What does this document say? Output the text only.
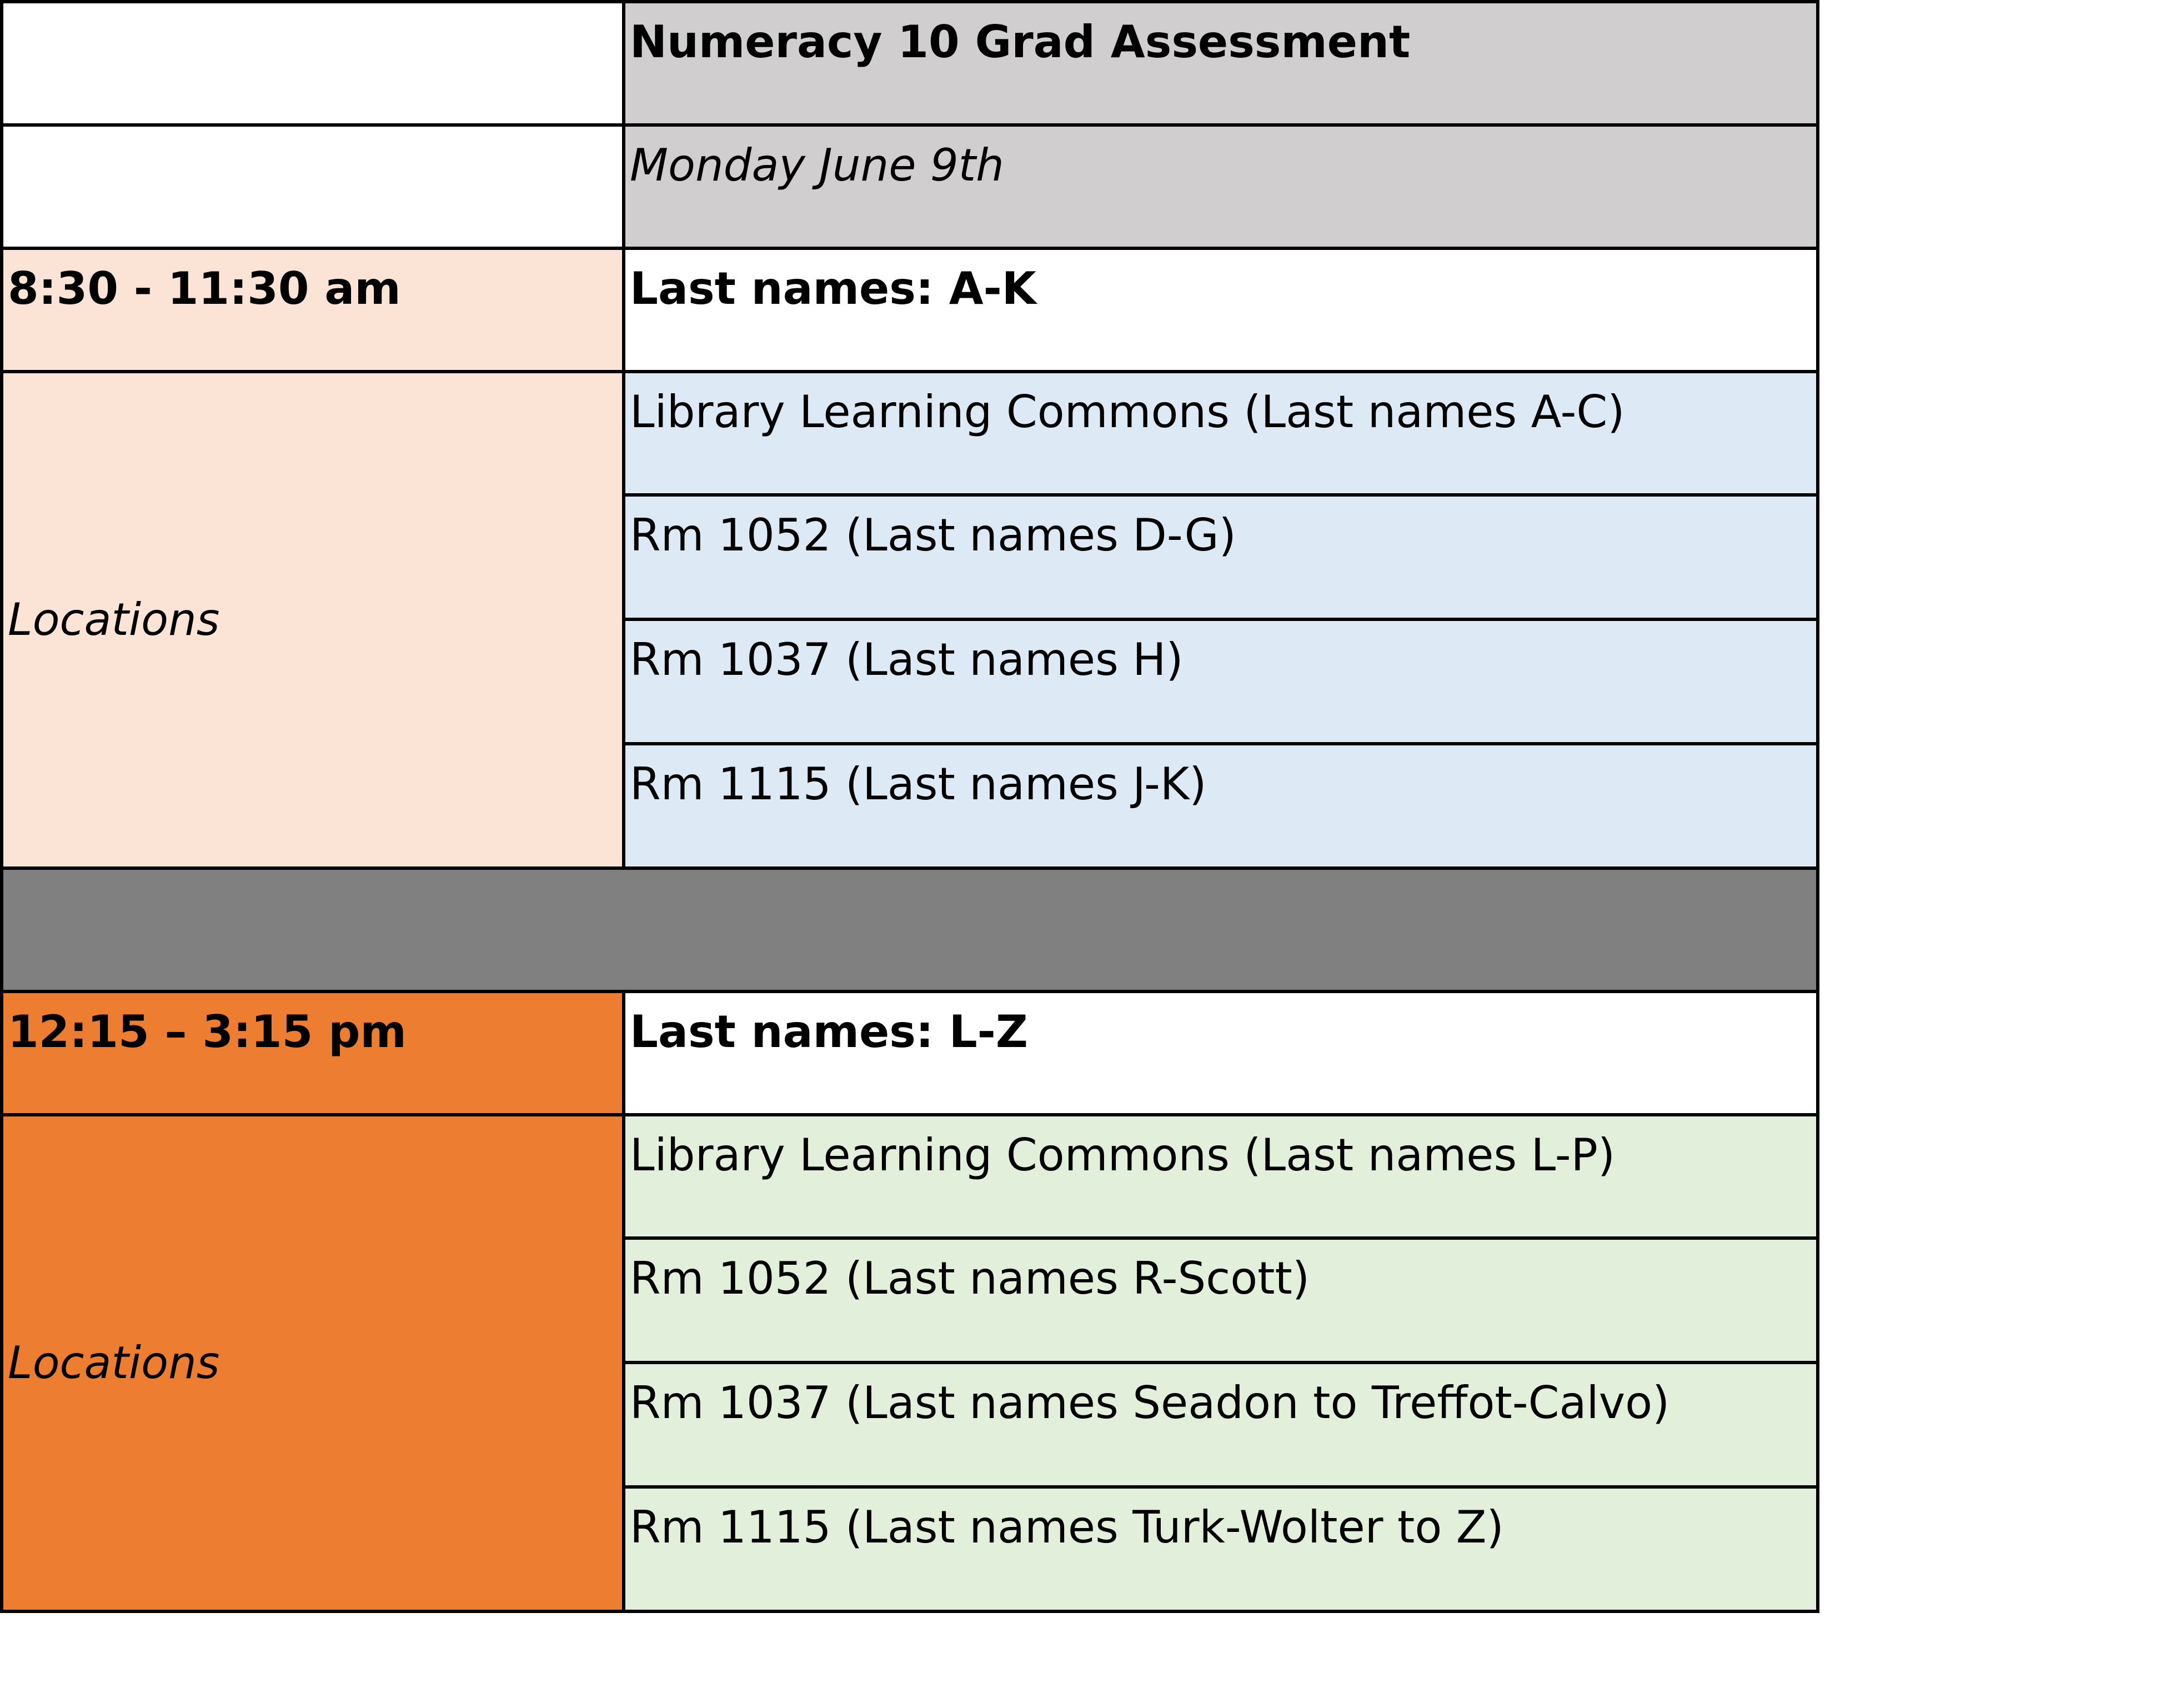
	Numeracy 10 Grad Assessment

	Monday June 9th

8:30 - 11:30 am	Last names: A-K

Locations	Library Learning Commons (Last names A-C)

	Rm 1052 (Last names D-G)

	Rm 1037 (Last names H)

	Rm 1115 (Last names J-K)

12:15 – 3:15 pm	Last names: L-Z

Locations	Library Learning Commons (Last names L-P)

	Rm 1052 (Last names R-Scott)

	Rm 1037 (Last names Seadon to Treffot-Calvo)

	Rm 1115 (Last names Turk-Wolter to Z)
